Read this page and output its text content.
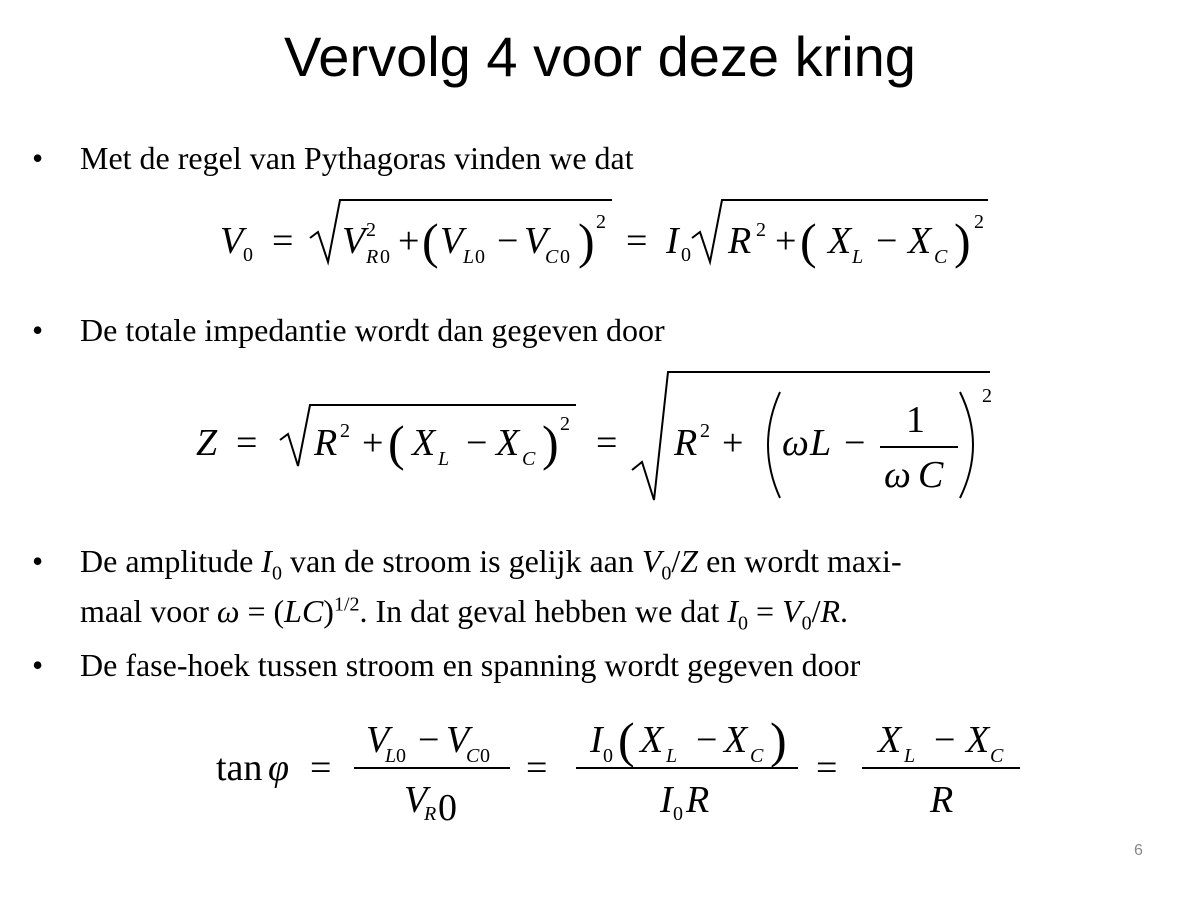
Vervolg 4 voor deze kring
• Met de regel van Pythagoras vinden we dat
• De totale impedantie wordt dan gegeven door
• De amplitude $I_0$ van de stroom is gelijk aan $V_0/Z$ en wordt maxi-
maal voor ω = (LC)$^{1/2}$. In dat geval hebben we dat $I_0 = V_0/R$.
• De fase-hoek tussen stroom en spanning wordt gegeven door
V 0 = V 2
R 0 + ( V L 0 − V
C 0 ) 2 = I 0 R 2 + ( X L − X C ) 2
Z = R 2 + ( X L − X C ) 2 = R 2 + ω L −
1
ω C
2
tan φ =
V
L 0 − V
C 0
V
R 0
=
I 0 ( X L − X C )
I 0 R
=
X L − X C
R
6
